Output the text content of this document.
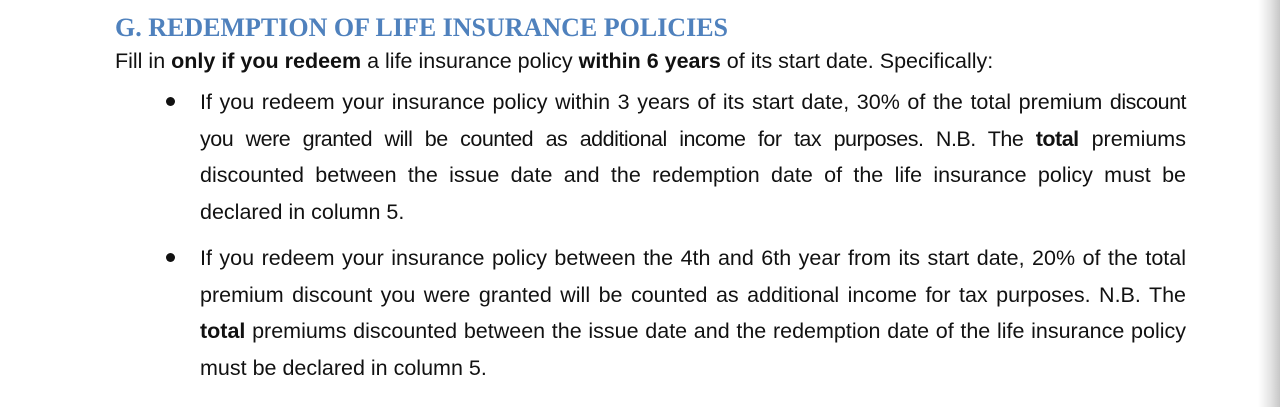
G. REDEMPTION OF LIFE INSURANCE POLICIES

Fill in only if you redeem a life insurance policy within 6 years of its start date. Specifically:

If you redeem your insurance policy within 3 years of its start date, 30% of the total premium discount you were granted will be counted as additional income for tax purposes. N.B. The total premiums discounted between the issue date and the redemption date of the life insurance policy must be declared in column 5.
If you redeem your insurance policy between the 4th and 6th year from its start date, 20% of the total premium discount you were granted will be counted as additional income for tax purposes. N.B. The total premiums discounted between the issue date and the redemption date of the life insurance policy must be declared in column 5.
